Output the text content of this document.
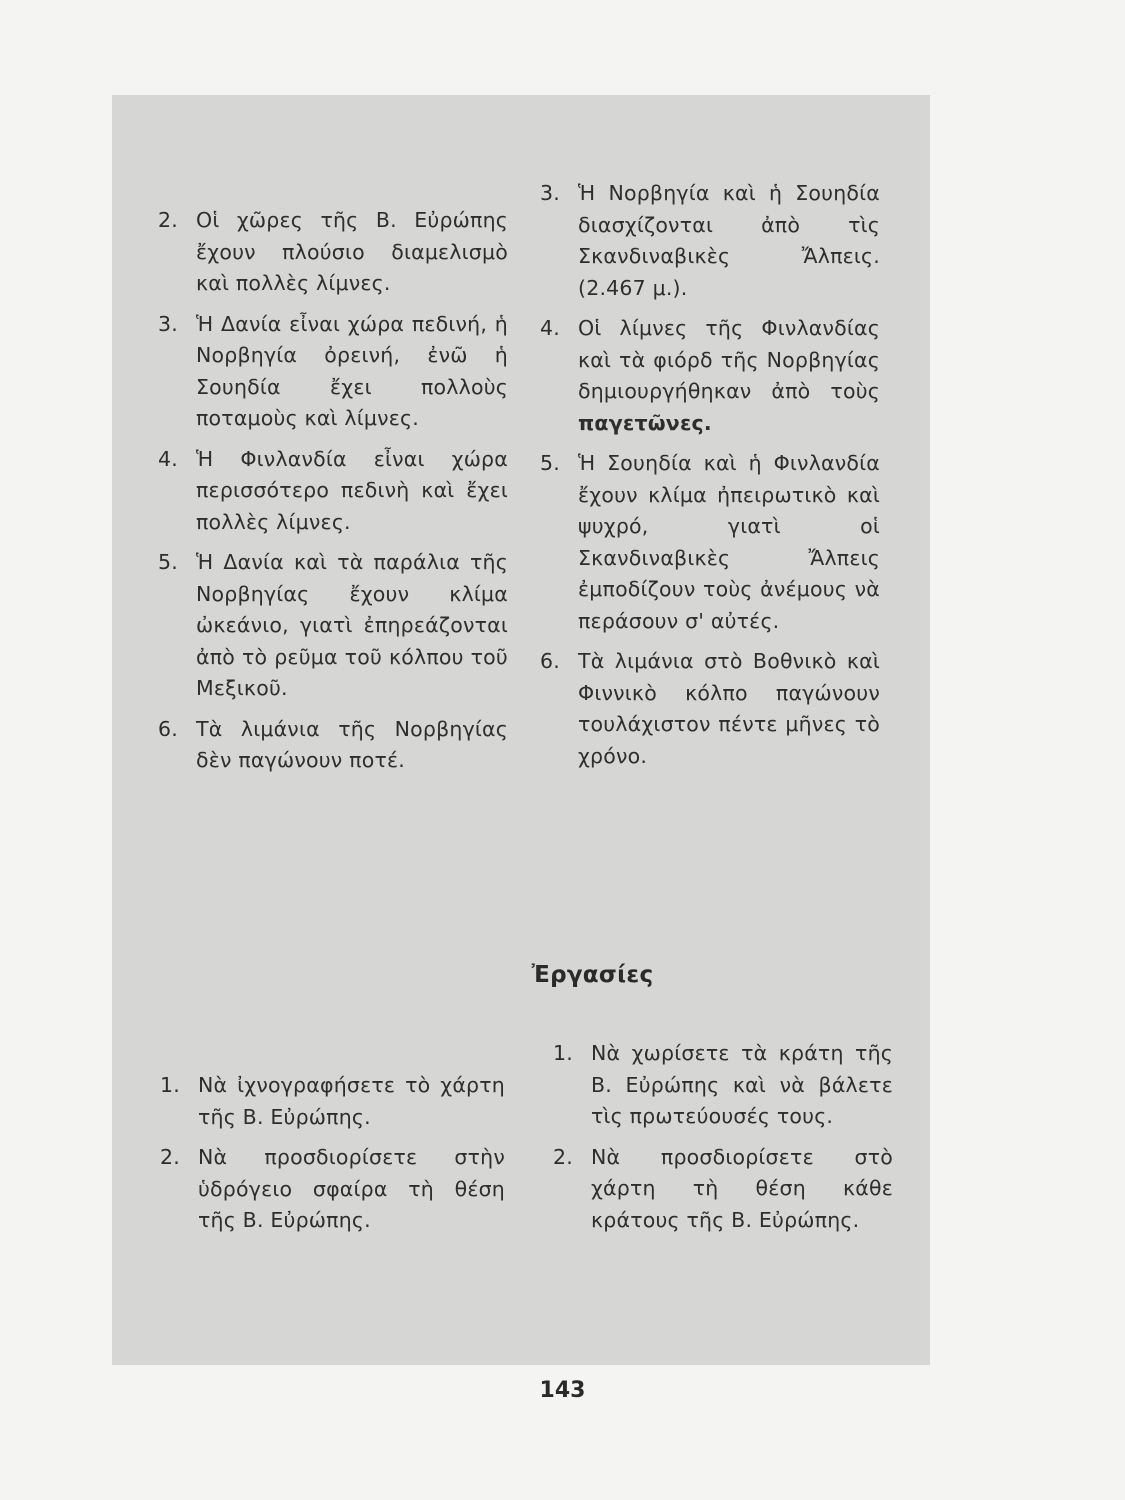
2. Οἱ χῶρες τῆς Β. Εὐρώπης ἔχουν πλούσιο διαμελισμὸ καὶ πολλὲς λίμνες.
3. Ἡ Δανία εἶναι χώρα πεδινή, ἡ Νορβηγία ὀρεινή, ἐνῶ ἡ Σουηδία ἔχει πολλοὺς ποταμοὺς καὶ λίμνες.
4. Ἡ Φινλανδία εἶναι χώρα περισσότερο πεδινὴ καὶ ἔχει πολλὲς λίμνες.
5. Ἡ Δανία καὶ τὰ παράλια τῆς Νορβηγίας ἔχουν κλίμα ὠκεάνιο, γιατὶ ἐπηρεάζονται ἀπὸ τὸ ρεῦμα τοῦ κόλπου τοῦ Μεξικοῦ.
6. Τὰ λιμάνια τῆς Νορβηγίας δὲν παγώνουν ποτέ.
3. Ἡ Νορβηγία καὶ ἡ Σουηδία διασχίζονται ἀπὸ τὶς Σκανδιναβικὲς Ἄλπεις. (2.467 μ.).
4. Οἱ λίμνες τῆς Φινλανδίας καὶ τὰ φιόρδ τῆς Νορβηγίας δημιουργήθηκαν ἀπὸ τοὺς παγετῶνες.
5. Ἡ Σουηδία καὶ ἡ Φινλανδία ἔχουν κλίμα ἠπειρωτικὸ καὶ ψυχρό, γιατὶ οἱ Σκανδιναβικὲς Ἄλπεις ἐμποδίζουν τοὺς ἀνέμους νὰ περάσουν σ' αὐτές.
6. Τὰ λιμάνια στὸ Βοθνικὸ καὶ Φιννικὸ κόλπο παγώνουν τουλάχιστον πέντε μῆνες τὸ χρόνο.
Ἐργασίες
1. Νὰ ἰχνογραφήσετε τὸ χάρτη τῆς Β. Εὐρώπης.
2. Νὰ προσδιορίσετε στὴν ὑδρόγειο σφαίρα τὴ θέση τῆς Β. Εὐρώπης.
1. Νὰ χωρίσετε τὰ κράτη τῆς Β. Εὐρώπης καὶ νὰ βάλετε τὶς πρωτεύουσές τους.
2. Νὰ προσδιορίσετε στὸ χάρτη τὴ θέση κάθε κράτους τῆς Β. Εὐρώπης.
143
